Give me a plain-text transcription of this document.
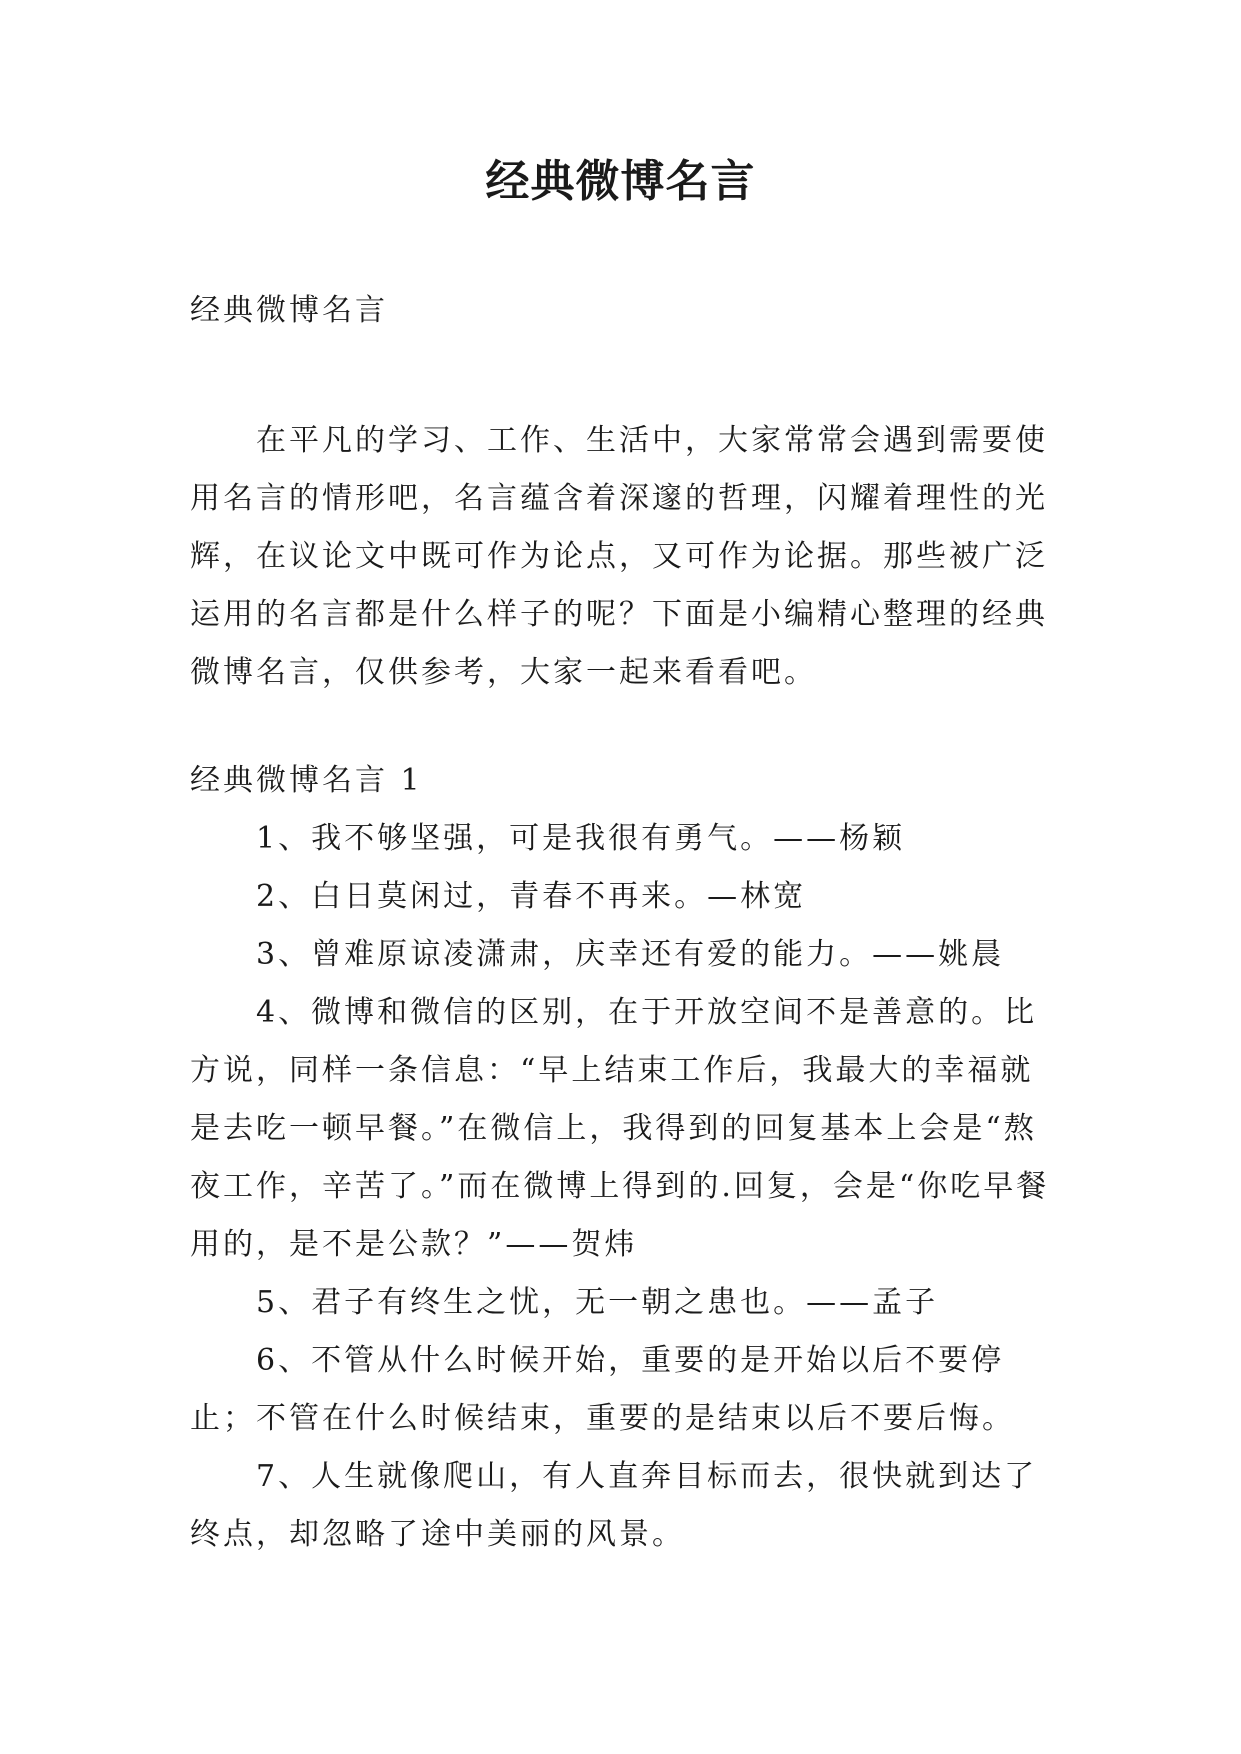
经典微博名言

经典微博名言

在平凡的学习、工作、生活中，大家常常会遇到需要使用名言的情形吧，名言蕴含着深邃的哲理，闪耀着理性的光辉，在议论文中既可作为论点，又可作为论据。那些被广泛运用的名言都是什么样子的呢？下面是小编精心整理的经典微博名言，仅供参考，大家一起来看看吧。

经典微博名言 1

1、我不够坚强，可是我很有勇气。——杨颖

2、白日莫闲过，青春不再来。—林宽

3、曾难原谅凌潇肃，庆幸还有爱的能力。——姚晨

4、微博和微信的区别，在于开放空间不是善意的。比方说，同样一条信息：“早上结束工作后，我最大的幸福就是去吃一顿早餐。”在微信上，我得到的回复基本上会是“熬夜工作，辛苦了。”而在微博上得到的.回复，会是“你吃早餐用的，是不是公款？”——贺炜

5、君子有终生之忧，无一朝之患也。——孟子

6、不管从什么时候开始，重要的是开始以后不要停止；不管在什么时候结束，重要的是结束以后不要后悔。

7、人生就像爬山，有人直奔目标而去，很快就到达了终点，却忽略了途中美丽的风景。
